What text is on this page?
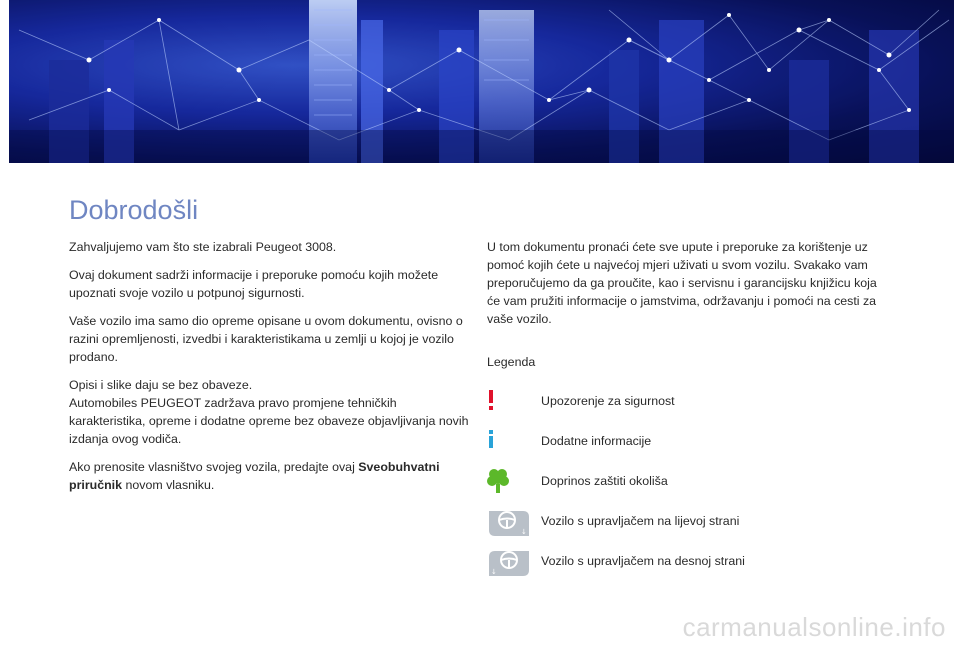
Dobrodošli

Zahvaljujemo vam što ste izabrali Peugeot 3008.

Ovaj dokument sadrži informacije i preporuke pomoću kojih možete upoznati svoje vozilo u potpunoj sigurnosti.

Vaše vozilo ima samo dio opreme opisane u ovom dokumentu, ovisno o razini opremljenosti, izvedbi i karakteristikama u zemlji u kojoj je vozilo prodano.

Opisi i slike daju se bez obaveze.
Automobiles PEUGEOT zadržava pravo promjene tehničkih karakteristika, opreme i dodatne opreme bez obaveze objavljivanja novih izdanja ovog vodiča.

Ako prenosite vlasništvo svojeg vozila, predajte ovaj Sveobuhvatni priručnik novom vlasniku.

U tom dokumentu pronaći ćete sve upute i preporuke za korištenje uz pomoć kojih ćete u najvećoj mjeri uživati u svom vozilu. Svakako vam preporučujemo da ga proučite, kao i servisnu i garancijsku knjižicu koja će vam pružiti informacije o jamstvima, održavanju i pomoći na cesti za vaše vozilo.

Legenda
Upozorenje za sigurnost
Dodatne informacije
Doprinos zaštiti okoliša
↓
Vozilo s upravljačem na lijevoj strani
↓
Vozilo s upravljačem na desnoj strani
carmanualsonline.info
